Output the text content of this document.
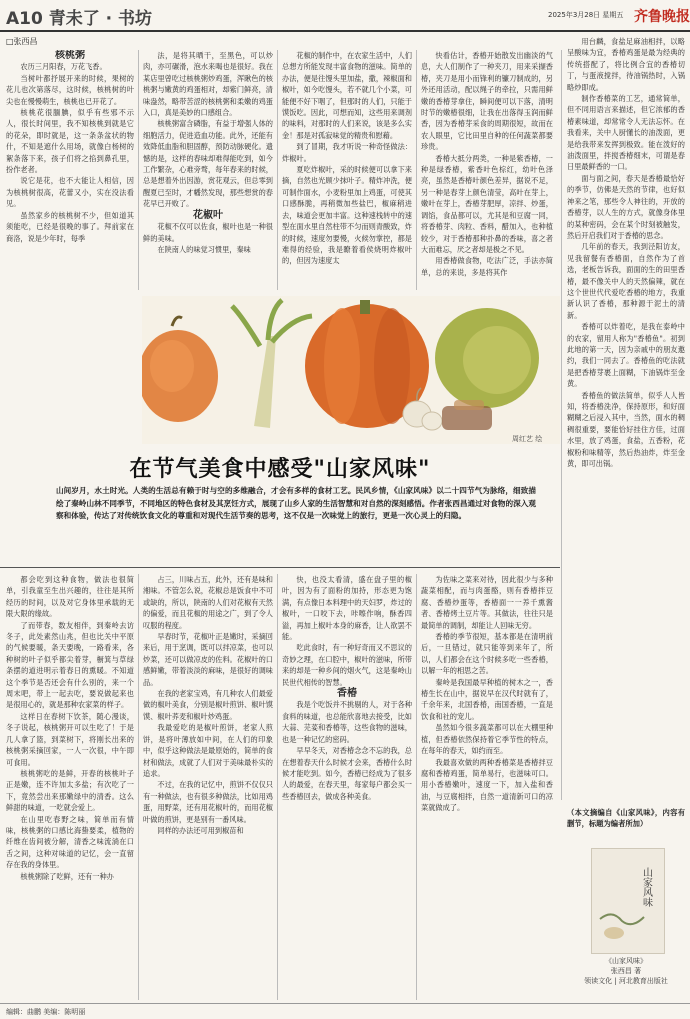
A10 青未了 · 书坊	2025年3月28日 星期五 齐鲁晚报
□张西昌

核桃粥

农历三月阳春，万花飞香。

当树叶都抒展开来的时候，果树的花儿也次第落尽，这时候，核桃树的叶尖也在慢慢萌生，核桃也已开花了。

核桃花很腼腆，似乎有些邪不示人，很长时间里，我不知核桃到就是它的花朵，即时就是，这一条条盆状的物什，不知是遮什么用场，就像白杨树的絮条落下来，孩子们将之掐到鼻孔里，扮作老者。

说它是花，也不大能让人相信，因为核桃树很高，花蕾又小，实在没法看见。

虽然家乡的核桃树不少，但如道其须能吃，已经是很晚的事了。拜前家在商洛，说是少年时，每季

法，是将其晒干，至黑色，可以炒肉，亦可碾滑，泡水来喝也是很好。我在某店里曾吃过核桃粥炒鸡蛋，浑瞅色的核桃粥与嫩黄的鸡蛋相对，却紫门鲜亮，清味盎然，略带苦涩的核桃粥和柔嫩的鸡蛋入口，真是美妙的口感组合。

核桃粥富含磷脂，有益于增强人体的细胞活力，促进造血功能。此外，还能有效降低血脂和胆固醇，预防动脉硬化。遗憾的是，这样的春味却难得能吃到，如今工作繁杂，心难旁骛，每年春来的时候，总是想着外出因游，赏花观云，但总零到醒夏已至时，才幡然发现，那些想赏的春花早已开败了。

花椒叶

花椒不仅可以佐食，椒叶也是一种很鲜的美味。

在陕南人的味觉习惯里，秦味

花椒的制作中，在农家生活中，人们总想方所能发现丰富食物的滋味。简单的办法，便是往馒头里加盐，撒，辣椒面和椒叶，如今吃馒头，若不就几个小菜，可能便不好下咽了，但那时的人们，只能于馍饭吃。因此，可想而知，这些用来调剂的味料，对那时的人们来说，该是多么实金！那是对孤寂味觉的精贵和慰藉。

到了冒期，我才听说一种奇怪做法：炸椒叶。

夏吃炸椒叶，采的时候便可以拿下来摘，自然也光顾少抹叶子。精炸冲洗，便可制作面水，小麦粉里加上鸡蛋，可使其口感酥脆，再稍微加些盐巴，椒麻稍进去，味道会更加丰富。这种速栈转中的速型在面水里自然柱带不匀而则青酸致，炸的时候，速度勿要慢，火候勿掌控，都是难得的经验，我是瞭着看侯烧明炸椒叶的，但因为速度太

快看估计，香椿开始散发出幽淡的气息，大人们制作了一种夹刀，用来采撷香椿，夹刀是用小而锋利的镰刀制成的，另外还用活动，配以绳子的牵拉，只需用鲜嫩的香椿芽拿住，瞬间便可以下落，清明时节的嫩椿很细，让我在出落得玉润而鲜香，因为香椿芽采食的周期很短，故而在农人眼里，它比田里自种的任何蔬菜都要珍贵。

香椿大抵分两类，一种是紫香椿，一种是绿香椿，紫香叶色棕红，幼叶色泽亮，虽然是香椿叶颜色差异，据说不足，另一种是春芽上颜色清莹，高叶在芽上，嫩叶在芽上，香椿芽肥厚，凉拌、炒蛋，调馅，食品都可以，尤其是和豆腐一同，将香椿芽、肉粒、香料，醋加入，也种植较少，对于香椿那种扑鼻的香味，喜之者大而难忘，厌之者却是极之不见。

用香椿做食物，吃法广泛，手法亦简单，总的来说，多是将其作

用台麟，食盐足麻油相拌，以略呈酸味为宜，香椿鸡蛋是最为经典的传统搭配了，将比例合宜的香椿切丁，与蛋液搅拌，待油锅热时，入锅略炒即成。

制作香椿菜的工艺，通常简单，但不同用语言来描述，但它浓郁的香椿素味道，却常常令人无法忘怀。在我看来，关中人厨懂长的油泼面，更是给我带来发挥到极致。能在泼好的油泼面里，拌搅香椿细末，可谓是春日里最鲜香的一口。

面与面之间，春天是香椿最恰好的季节，仿佛是天然的节律，也好似神来之笔，那些令人神往的，开放的香椿芽，以人生的方式，就像身体里的某种密码，会在某个时刻被触发，然后开启我们对于香椿的思念。

几年前的春天，我到泾阳访友，见我留餐有香椿面，自然作为了首选，老板告诉我，面面的生的田里香椿，最不像关中人的天然偏辣，就在这个世世代代爱吃香椿的地方，我重新认识了香椿，那种源于泥土的清新。

香椿可以炸着吃，是我在泰岭中的农家，留用人称为"香椿鱼"。初到此地的第一天，因为亲戚中的朋友邀约，我们一同去了。香椿鱼的吃法就是把香椿芽裹上面糊，下油锅炸至金黄。

香椿鱼的做法简单，似乎人人皆知，将香椿洗净，保持原形，和好面糊糊之后浸入其中，当然，面水的稠稠很重要，要能恰好挂住方佳，过面水里，放了鸡蛋，食盐，五香粉，花椒粉和味精等，然后热油炸，炸至金黄，即可出锅。

周红艺 绘
在节气美食中感受"山家风味"
山间岁月，水土时光。人类的生活总有赖于时与空的多维融合，才会有多样的食材工艺。民风乡情，《山家风味》以二十四节气为脉络，细致描绘了秦岭山林不同季节，不同地区的特色食材及其烹饪方式，展现了山乡人家的生活智慧和对自然的深刻感悟。作者张西昌通过对食物的深入观察和体验，传达了对传统饮食文化的尊重和对现代生活节奏的思考，这不仅是一次味觉上的旅行，更是一次心灵上的归隐。

都会吃到这种食物，做法也很简单，引我童至生出兴趣的，往往是其所经历的时间，以及对它身体里承载的无限大限的缘故。

了而带春，数友相伴，到秦岭去访冬子，此处素然山兆，但也比关中平原的气候要暖，条天要晚，一路看来，各种树的叶子似乎都尖着芽，橱箕与草绿条摆的道进明示着春日的熏暖。不知道这个季节是否还会有什么别的，来一个周末吧，带上一起去吃，要说做起来也是很用心的，就是那种农家菜的样子。

这样日在春树下饮茶，随心漫谈，冬子说起，核桃粥开可以生吃了！于是几人拿了篮，到菜树下，将刚长出来的核桃粥采摘回家，一人一次很，中午即可食用。

核桃粥吃的是鲜，开春的核桃叶子正是嫩，连不许加太多盐；有次吃了一下，竟然尝出来那嫩绿中的清香。这么鲜甜的味道，一吃就会爱上。

在山里吃春野之味，简单而有情味，核桃粥的口感比海蛰要柔，植物的纤维在齿间被分解，清香之味流淌在口舌之间，这种对味道的记忆，会一直留存在我的身体里。

核桃粥除了吃鲜，还有一种办

占三，川味占五，此外，还有是味和湘味。不管怎么说，花椒总是饭食中不可或缺的，所以，陕南的人们对花椒有天然的偏爱，而且花椒的用途之广，到了令人叹服的程度。

早春时节，花椒叶正是嫩时，采摘回来后，用于烹调，既可以拌凉菜，也可以炒菜，还可以做凉皮的佐料。花椒叶的口感鲜嫩，带着淡淡的麻味，是很好的调味品。

在我的老家宝鸡，有几种农人们最爱做的椒叶美食，分别是椒叶煎饼、椒叶馍馍、椒叶荞麦和椒叶炒鸡蛋。

我最爱吃的是椒叶煎饼，老家人煎饼，是将叶薄放如中间，在人们的印象中，似乎这种做法是最原始的，简单的食材和做法，成就了人们对于美味最朴实的追求。

不过，在我的记忆中，煎饼不仅仅只有一种做法，也有很多种做法，比如用鸡蛋，用野菜，还有用花椒叶的，而用花椒叶做的煎饼，更是别有一番风味。

同样的办法还可用到椒苗和

快，也没太看清，盛在盘子里的椒叶，因为有了面粉的加持，形态更为饱满，有点像日本料理中的天妇罗，炸过的椒叶，一口咬下去，咔嚓作响，酥香四溢，再加上椒叶本身的麻香，让人欲罢不能。

吃此食时，有一种好奇而又不思议的奇妙之理，在口腔中，椒叶的滋味，所带来的却是一种乡间的烟火气，这是秦岭山民世代相传的智慧。

香椿

我是个吃饭并不挑剔的人，对于各种食料的味道，也总能欣喜地去接受，比如大蒜、芫荽和香椿等，这些食物的滋味，也是一种记忆的密码。

早早冬天，对香椿念念不忘的我，总在想着春天什么时候才会来，香椿什么时候才能吃到。如今，香椿已经成为了很多人的最爱，在春天里，每家每户都会买一些香椿回去，做成各种美食。

为佐味之菜来对待，因此很少与多种蔬菜相配，而与肉蛋酪，则有香椿拌豆腐、香椿炒蛋等，香椿面一一养千熏酱者、香椿烤土豆片等。其做法，往往只是最简单的调制，却能让人回味无穷。

香椿的季节很短，基本都是在清明前后，一旦错过，就只能等到来年了，所以，人们都会在这个时候多吃一些香椿，以解一年的相思之苦。

秦岭是我国最早种植的树木之一，香椿生长在山中，据说早在汉代时就有了，千余年来，北国香椿，南国香椿，一直是饮食和社的宠儿。

虽然如今很多蔬菜都可以在大棚里种植，但香椿依然保持着它季节性的特点，在每年的春天，如约而至。

我最喜欢做的两种香椿菜是香椿拌豆腐和香椿鸡蛋，简单易行，也滋味可口。用小香椿嫩叶，速度一下，加入盐和香油，与豆腐相拌，自然一道清新可口的凉菜就做成了。

（本文摘编自《山家风味》，内容有删节，标题为编者所加）
山家风味
《山家风味》
张西昌 著
领读文化 | 河北教育出版社
编辑：曲鹏 美编：陈明丽
